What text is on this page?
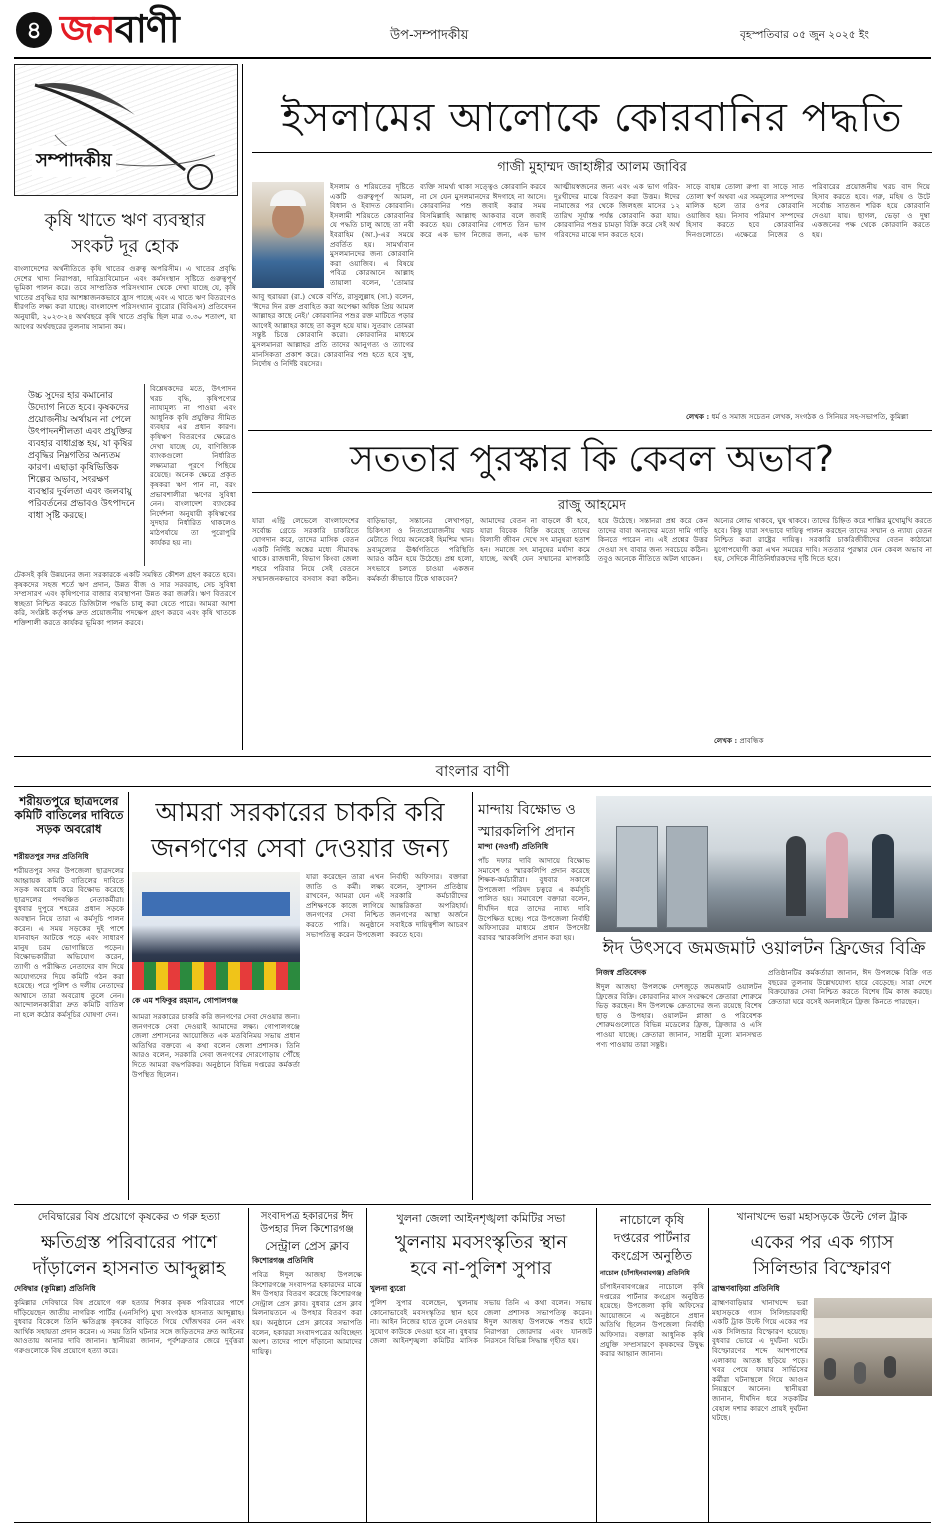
৪ জনবাণী	উপ-সম্পাদকীয়	বৃহস্পতিবার ০৫ জুন ২০২৫ ইং
সম্পাদকীয়
কৃষি খাতে ঋণ ব্যবস্থার
সংকট দূর হোক
বাংলাদেশের অর্থনীতিতে কৃষি খাতের গুরুত্ব অপরিসীম। এ খাতের প্রবৃদ্ধি দেশের খাদ্য নিরাপত্তা, দারিদ্র্যবিমোচন এবং কর্মসংস্থান সৃষ্টিতে গুরুত্বপূর্ণ ভূমিকা পালন করে। তবে সাম্প্রতিক পরিসংখ্যান থেকে দেখা যাচ্ছে যে, কৃষি খাতের প্রবৃদ্ধির হার আশঙ্কাজনকভাবে হ্রাস পাচ্ছে এবং এ খাতে ঋণ বিতরণেও ধীরগতি লক্ষ্য করা যাচ্ছে। বাংলাদেশ পরিসংখ্যান ব্যুরোর (বিবিএস) প্রতিবেদন অনুযায়ী, ২০২৩-২৪ অর্থবছরে কৃষি খাতে প্রবৃদ্ধি ছিল মাত্র ৩.৩০ শতাংশ, যা আগের অর্থবছরের তুলনায় সামান্য কম।
উচ্চ সুদের হার কমানোর উদ্যোগ নিতে হবে। কৃষকদের প্রয়োজনীয় অর্থায়ন না পেলে উৎপাদনশীলতা এবং প্রযুক্তির ব্যবহার বাধাগ্রস্ত হয়, যা কৃষির প্রবৃদ্ধির নিম্নগতির অন্যতম কারণ। এছাড়া কৃষিভিত্তিক শিল্পের অভাব, সংরক্ষণ ব্যবস্থার দুর্বলতা এবং জলবায়ু পরিবর্তনের প্রভাবও উৎপাদনে বাধা সৃষ্টি করছে।
বিশ্লেষকদের মতে, উৎপাদন খরচ বৃদ্ধি, কৃষিপণ্যের ন্যায্যমূল্য না পাওয়া এবং আধুনিক কৃষি প্রযুক্তির সীমিত ব্যবহার এর প্রধান কারণ। কৃষিঋণ বিতরণের ক্ষেত্রেও দেখা যাচ্ছে যে, বাণিজ্যিক ব্যাংকগুলো নির্ধারিত লক্ষ্যমাত্রা পূরণে পিছিয়ে রয়েছে। অনেক ক্ষেত্রে প্রকৃত কৃষকরা ঋণ পান না, বরং প্রভাবশালীরা ঋণের সুবিধা নেন। বাংলাদেশ ব্যাংকের নির্দেশনা অনুযায়ী কৃষিঋণের সুদহার নির্ধারিত থাকলেও মাঠপর্যায়ে তা পুরোপুরি কার্যকর হয় না।
টেকসই কৃষি উন্নয়নের জন্য সরকারকে একটি সমন্বিত কৌশল গ্রহণ করতে হবে। কৃষকদের সহজ শর্তে ঋণ প্রদান, উন্নত বীজ ও সার সরবরাহ, সেচ সুবিধা সম্প্রসারণ এবং কৃষিপণ্যের বাজার ব্যবস্থাপনা উন্নত করা জরুরি। ঋণ বিতরণে স্বচ্ছতা নিশ্চিত করতে ডিজিটাল পদ্ধতি চালু করা যেতে পারে। আমরা আশা করি, সংশ্লিষ্ট কর্তৃপক্ষ দ্রুত প্রয়োজনীয় পদক্ষেপ গ্রহণ করবে এবং কৃষি খাতকে শক্তিশালী করতে কার্যকর ভূমিকা পালন করবে।
ইসলামের আলোকে কোরবানির পদ্ধতি
গাজী মুহাম্মদ জাহাঙ্গীর আলম জাবির
ইসলাম ও শরিয়তের দৃষ্টিতে একটি গুরুত্বপূর্ণ আমল, বিধান ও ইবাদত কোরবানি। ইসলামী শরিয়তে কোরবানির যে পদ্ধতি চালু আছে তা নবী ইবরাহিম (আ.)-এর সময়ে প্রবর্তিত হয়। সামর্থ্যবান মুসলমানদের জন্য কোরবানি করা ওয়াজিব। এ বিষয়ে পবিত্র কোরআনে আল্লাহ তায়ালা বলেন, 'তোমার
আবু হুরায়রা (রা.) থেকে বর্ণিত, রাসুলুল্লাহ (সা.) বলেন, 'ঈদের দিন রক্ত প্রবাহিত করা অপেক্ষা অধিক প্রিয় আমল আল্লাহর কাছে নেই।' কোরবানির পশুর রক্ত মাটিতে পড়ার আগেই আল্লাহর কাছে তা কবুল হয়ে যায়। সুতরাং তোমরা সন্তুষ্ট চিত্তে কোরবানি করো। কোরবানির মাধ্যমে মুসলমানরা আল্লাহর প্রতি তাদের আনুগত্য ও ত্যাগের মানসিকতা প্রকাশ করে। কোরবানির পশু হতে হবে সুস্থ, নির্দোষ ও নির্দিষ্ট বয়সের।
ব্যক্তি সামর্থ্য থাকা সত্ত্বেও কোরবানি করবে না সে যেন মুসলমানদের ঈদগাহে না আসে। কোরবানির পশু জবাই করার সময় বিসমিল্লাহি আল্লাহু আকবার বলে জবাই করতে হয়। কোরবানির গোশত তিন ভাগ করে এক ভাগ নিজের জন্য, এক ভাগ আত্মীয়স্বজনের জন্য এবং এক ভাগ গরিব-দুঃখীদের মাঝে বিতরণ করা উত্তম। ঈদের নামাজের পর থেকে জিলহজ মাসের ১২ তারিখ সূর্যাস্ত পর্যন্ত কোরবানি করা যায়। কোরবানির পশুর চামড়া বিক্রি করে সেই অর্থ গরিবদের মাঝে দান করতে হবে।
সাড়ে বাহান্ন তোলা রুপা বা সাড়ে সাত তোলা স্বর্ণ অথবা এর সমমূল্যের সম্পদের মালিক হলে তার ওপর কোরবানি ওয়াজিব হয়। নিসাব পরিমাণ সম্পদের হিসাব করতে হবে কোরবানির দিনগুলোতে। এক্ষেত্রে নিজের ও পরিবারের প্রয়োজনীয় খরচ বাদ দিয়ে হিসাব করতে হবে। গরু, মহিষ ও উটে সর্বোচ্চ সাতজন শরিক হয়ে কোরবানি দেওয়া যায়। ছাগল, ভেড়া ও দুম্বা একজনের পক্ষ থেকে কোরবানি করতে হয়।
লেখক : ধর্ম ও সমাজ সচেতন লেখক, সংগঠক ও সিনিয়র সহ-সভাপতি, কুমিল্লা
সততার পুরস্কার কি কেবল অভাব?
রাজু আহমেদ
যারা এন্ট্রি লেভেলে বাংলাদেশের সর্বোচ্চ গ্রেডে সরকারি চাকরিতে যোগদান করে, তাদের মাসিক বেতন একটি নির্দিষ্ট অঙ্কের মধ্যে সীমাবদ্ধ থাকে। রাজধানী, বিভাগ কিংবা জেলা শহরে পরিবার নিয়ে সেই বেতনে সম্মানজনকভাবে বসবাস করা কঠিন। বাড়িভাড়া, সন্তানের লেখাপড়া, চিকিৎসা ও নিত্যপ্রয়োজনীয় খরচ মেটাতে গিয়ে অনেকেই হিমশিম খান। দ্রব্যমূল্যের ঊর্ধ্বগতিতে পরিস্থিতি আরও কঠিন হয়ে উঠেছে। প্রশ্ন হলো, সৎভাবে চলতে চাওয়া একজন কর্মকর্তা কীভাবে টিকে থাকবেন?
আমাদের বেতন না বাড়লে কী হবে, যারা বিবেক বিক্রি করেছে তাদের বিলাসী জীবন দেখে সৎ মানুষরা হতাশ হন। সমাজে সৎ মানুষের মর্যাদা কমে যাচ্ছে, অর্থই যেন সম্মানের মাপকাঠি হয়ে উঠেছে। সন্তানরা প্রশ্ন করে কেন তাদের বাবা অন্যদের মতো দামি গাড়ি কিনতে পারেন না। এই প্রশ্নের উত্তর দেওয়া সৎ বাবার জন্য সবচেয়ে কঠিন। তবুও অনেকে নীতিতে অটল থাকেন।
অন্যের লোভ থাকবে, ঘুষ থাকবে। তাদের চিহ্নিত করে শাস্তির মুখোমুখি করতে হবে। কিন্তু যারা সৎভাবে দায়িত্ব পালন করছেন তাদের সম্মান ও ন্যায্য বেতন নিশ্চিত করা রাষ্ট্রের দায়িত্ব। সরকারি চাকরিজীবীদের বেতন কাঠামো যুগোপযোগী করা এখন সময়ের দাবি। সততার পুরস্কার যেন কেবল অভাব না হয়, সেদিকে নীতিনির্ধারকদের দৃষ্টি দিতে হবে।
লেখক : প্রাবন্ধিক
বাংলার বাণী
শরীয়তপুরে ছাত্রদলের কমিটি বাতিলের দাবিতে সড়ক অবরোধ
শরীয়তপুর সদর প্রতিনিধি
শরীয়তপুর সদর উপজেলা ছাত্রদলের আহ্বায়ক কমিটি বাতিলের দাবিতে সড়ক অবরোধ করে বিক্ষোভ করেছে ছাত্রদলের পদবঞ্চিত নেতাকর্মীরা। বুধবার দুপুরে শহরের প্রধান সড়কে অবস্থান নিয়ে তারা এ কর্মসূচি পালন করেন। এ সময় সড়কের দুই পাশে যানবাহন আটকে পড়ে এবং সাধারণ মানুষ চরম ভোগান্তিতে পড়েন। বিক্ষোভকারীরা অভিযোগ করেন, ত্যাগী ও পরীক্ষিত নেতাদের বাদ দিয়ে অযোগ্যদের দিয়ে কমিটি গঠন করা হয়েছে। পরে পুলিশ ও দলীয় নেতাদের আশ্বাসে তারা অবরোধ তুলে নেন। আন্দোলনকারীরা দ্রুত কমিটি বাতিল না হলে কঠোর কর্মসূচির ঘোষণা দেন।
আমরা সরকারের চাকরি করি
জনগণের সেবা দেওয়ার জন্য
কে এম শফিকুর রহমান, গোপালগঞ্জ
আমরা সরকারের চাকরি করি জনগণের সেবা দেওয়ার জন্য। জনগণকে সেবা দেওয়াই আমাদের লক্ষ্য। গোপালগঞ্জে জেলা প্রশাসনের আয়োজিত এক মতবিনিময় সভায় প্রধান অতিথির বক্তব্যে এ কথা বলেন জেলা প্রশাসক। তিনি আরও বলেন, সরকারি সেবা জনগণের দোরগোড়ায় পৌঁছে দিতে আমরা বদ্ধপরিকর। অনুষ্ঠানে বিভিন্ন দপ্তরের কর্মকর্তা উপস্থিত ছিলেন।
যারা করেছেন তারা এখন জাতি ও কর্মী। লক্ষ্য রাখবেন, আমরা যেন এই প্রশিক্ষণকে কাজে লাগিয়ে জনগণের সেবা নিশ্চিত করতে পারি। অনুষ্ঠানে সভাপতিত্ব করেন উপজেলা নির্বাহী অফিসার। বক্তারা বলেন, সুশাসন প্রতিষ্ঠায় সরকারি কর্মচারীদের আন্তরিকতা অপরিহার্য। জনগণের আস্থা অর্জনে সবাইকে দায়িত্বশীল আচরণ করতে হবে।
মান্দায় বিক্ষোভ ও
স্মারকলিপি প্রদান
মান্দা (নওগাঁ) প্রতিনিধি
পাঁচ দফার দাবি আদায়ে বিক্ষোভ সমাবেশ ও স্মারকলিপি প্রদান করেছে শিক্ষক-কর্মচারীরা। বুধবার সকালে উপজেলা পরিষদ চত্বরে এ কর্মসূচি পালিত হয়। সমাবেশে বক্তারা বলেন, দীর্ঘদিন ধরে তাদের ন্যায্য দাবি উপেক্ষিত হচ্ছে। পরে উপজেলা নির্বাহী অফিসারের মাধ্যমে প্রধান উপদেষ্টা বরাবর স্মারকলিপি প্রদান করা হয়।
ঈদ উৎসবে জমজমাট ওয়ালটন ফ্রিজের বিক্রি
নিজস্ব প্রতিবেদক
ঈদুল আজহা উপলক্ষে দেশজুড়ে জমজমাট ওয়ালটন ফ্রিজের বিক্রি। কোরবানির মাংস সংরক্ষণে ক্রেতারা শোরুমে ভিড় করছেন। ঈদ উপলক্ষে ক্রেতাদের জন্য রয়েছে বিশেষ ছাড় ও উপহার। ওয়ালটন প্লাজা ও পরিবেশক শোরুমগুলোতে বিভিন্ন মডেলের ফ্রিজ, ফ্রিজার ও এসি পাওয়া যাচ্ছে। ক্রেতারা জানান, সাশ্রয়ী মূল্যে মানসম্মত পণ্য পাওয়ায় তারা সন্তুষ্ট।
প্রতিষ্ঠানটির কর্মকর্তারা জানান, ঈদ উপলক্ষে বিক্রি গত বছরের তুলনায় উল্লেখযোগ্য হারে বেড়েছে। সারা দেশে বিক্রয়োত্তর সেবা নিশ্চিত করতে বিশেষ টিম কাজ করছে। ক্রেতারা ঘরে বসেই অনলাইনে ফ্রিজ কিনতে পারছেন।
দেবিদ্বারের বিষ প্রয়োগে কৃষকের ৩ গরু হত্যা
ক্ষতিগ্রস্ত পরিবারের পাশে
দাঁড়ালেন হাসনাত আব্দুল্লাহ
দেবিদ্বার (কুমিল্লা) প্রতিনিধি
কুমিল্লার দেবিদ্বারে বিষ প্রয়োগে গরু হত্যার শিকার কৃষক পরিবারের পাশে দাঁড়িয়েছেন জাতীয় নাগরিক পার্টির (এনসিপি) মুখ্য সংগঠক হাসনাত আব্দুল্লাহ। বুধবার বিকেলে তিনি ক্ষতিগ্রস্ত কৃষকের বাড়িতে গিয়ে খোঁজখবর নেন এবং আর্থিক সহায়তা প্রদান করেন। এ সময় তিনি ঘটনার সঙ্গে জড়িতদের দ্রুত আইনের আওতায় আনার দাবি জানান। স্থানীয়রা জানান, পূর্বশত্রুতার জেরে দুর্বৃত্তরা গরুগুলোকে বিষ প্রয়োগে হত্যা করে।
সংবাদপত্র হকারদের ঈদ উপহার দিল কিশোরগঞ্জ
সেন্ট্রাল প্রেস ক্লাব
কিশোরগঞ্জ প্রতিনিধি
পবিত্র ঈদুল আজহা উপলক্ষে কিশোরগঞ্জে সংবাদপত্র হকারদের মাঝে ঈদ উপহার বিতরণ করেছে কিশোরগঞ্জ সেন্ট্রাল প্রেস ক্লাব। বুধবার প্রেস ক্লাব মিলনায়তনে এ উপহার বিতরণ করা হয়। অনুষ্ঠানে প্রেস ক্লাবের সভাপতি বলেন, হকাররা সংবাদপত্রের অবিচ্ছেদ্য অংশ। তাদের পাশে দাঁড়ানো আমাদের দায়িত্ব।
খুলনা জেলা আইনশৃঙ্খলা কমিটির সভা
খুলনায় মবসংস্কৃতির স্থান
হবে না-পুলিশ সুপার
খুলনা ব্যুরো
পুলিশ সুপার বলেছেন, খুলনায় কোনোভাবেই মবসংস্কৃতির স্থান হবে না। আইন নিজের হাতে তুলে নেওয়ার সুযোগ কাউকে দেওয়া হবে না। বুধবার জেলা আইনশৃঙ্খলা কমিটির মাসিক সভায় তিনি এ কথা বলেন। সভায় জেলা প্রশাসক সভাপতিত্ব করেন। ঈদুল আজহা উপলক্ষে পশুর হাটে নিরাপত্তা জোরদার এবং যানজট নিরসনে বিভিন্ন সিদ্ধান্ত গৃহীত হয়।
নাচোলে কৃষি
দপ্তরের পার্টনার
কংগ্রেস অনুষ্ঠিত
নাচোল (চাঁপাইনবাবগঞ্জ) প্রতিনিধি
চাঁপাইনবাবগঞ্জের নাচোলে কৃষি দপ্তরের পার্টনার কংগ্রেস অনুষ্ঠিত হয়েছে। উপজেলা কৃষি অফিসের আয়োজনে এ অনুষ্ঠানে প্রধান অতিথি ছিলেন উপজেলা নির্বাহী অফিসার। বক্তারা আধুনিক কৃষি প্রযুক্তি সম্প্রসারণে কৃষকদের উদ্বুদ্ধ করার আহ্বান জানান।
খানাখন্দে ভরা মহাসড়কে উল্টে গেল ট্রাক
একের পর এক গ্যাস
সিলিন্ডার বিস্ফোরণ
ব্রাহ্মণবাড়িয়া প্রতিনিধি
ব্রাহ্মণবাড়িয়ার খানাখন্দে ভরা মহাসড়কে গ্যাস সিলিন্ডারবাহী একটি ট্রাক উল্টে গিয়ে একের পর এক সিলিন্ডার বিস্ফোরণ হয়েছে। বুধবার ভোরে এ দুর্ঘটনা ঘটে। বিস্ফোরণের শব্দে আশপাশের এলাকায় আতঙ্ক ছড়িয়ে পড়ে। খবর পেয়ে ফায়ার সার্ভিসের কর্মীরা ঘটনাস্থলে গিয়ে আগুন নিয়ন্ত্রণে আনেন। স্থানীয়রা জানান, দীর্ঘদিন ধরে সড়কটির বেহাল দশার কারণে প্রায়ই দুর্ঘটনা ঘটছে।
